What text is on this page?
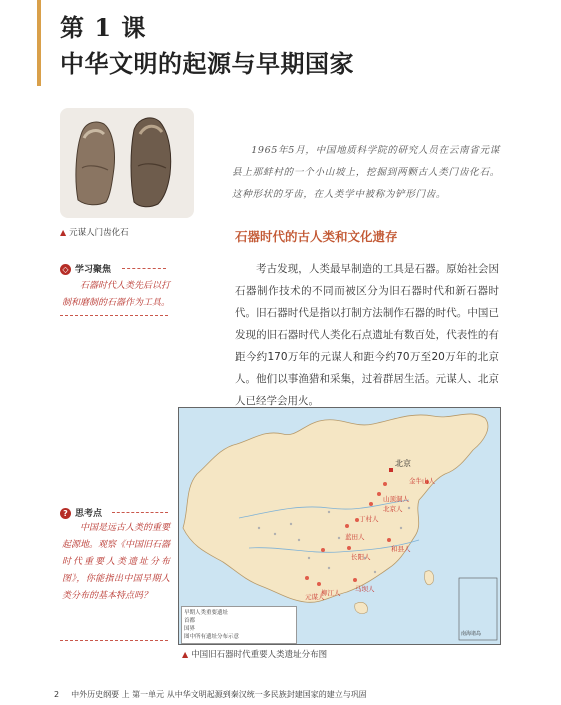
第 1 课
中华文明的起源与早期国家
▲ 元谋人门齿化石
1965年5月，中国地质科学院的研究人员在云南省元谋县上那蚌村的一个小山坡上，挖掘到两颗古人类门齿化石。这种形状的牙齿，在人类学中被称为铲形门齿。
石器时代的古人类和文化遗存
考古发现，人类最早制造的工具是石器。原始社会因石器制作技术的不同而被区分为旧石器时代和新石器时代。旧石器时代是指以打制方法制作石器的时代。中国已发现的旧石器时代人类化石点遗址有数百处，代表性的有距今约170万年的元谋人和距今约70万至20万年的北京人。他们以事渔猎和采集，过着群居生活。元谋人、北京人已经学会用火。
◇ 学习聚焦
石器时代人类先后以打制和磨制的石器作为工具。
? 思考点
中国是远古人类的重要起源地。观察《中国旧石器时代重要人类遗址分布图》，你能指出中国早期人类分布的基本特点吗？
北京
金牛山人
山顶洞人
北京人
丁村人
蓝田人
和县人
长阳人
马坝人
柳江人
元谋人
早期人类重要遗址
首都
国界
图中所有遗址分布示意	南海诸岛
▲ 中国旧石器时代重要人类遗址分布图
2 中外历史纲要 上 第一单元 从中华文明起源到秦汉统一多民族封建国家的建立与巩固
